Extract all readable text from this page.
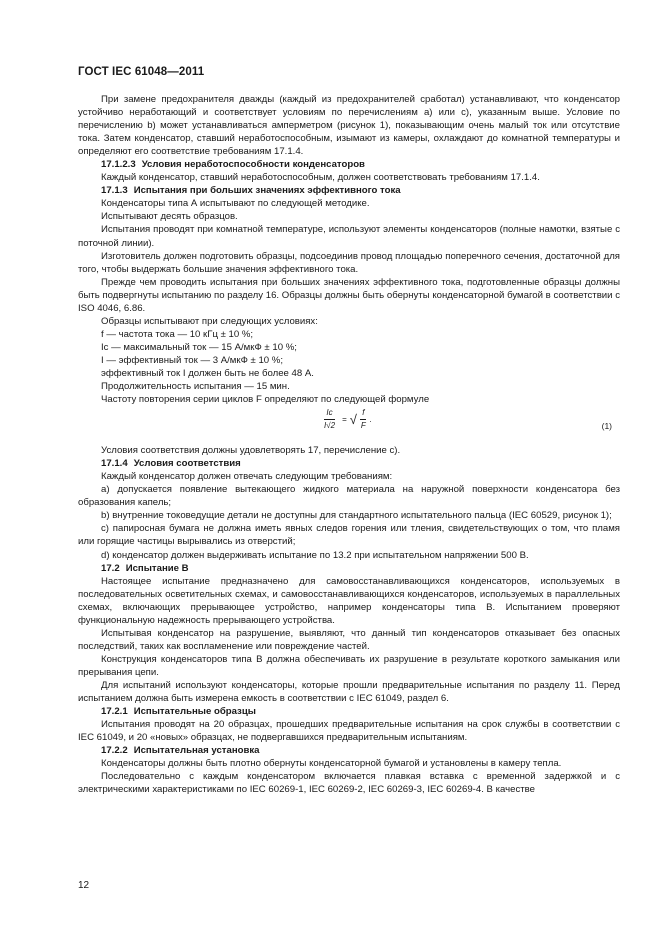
ГОСТ IEC 61048—2011

При замене предохранителя дважды (каждый из предохранителей сработал) устанавливают, что конденсатор устойчиво неработающий и соответствует условиям по перечислениям а) или с), указанным выше. Условие по перечислению b) может устанавливаться амперметром (рисунок 1), показывающим очень малый ток или отсутствие тока. Затем конденсатор, ставший неработоспособным, изымают из камеры, охлаждают до комнатной температуры и определяют его соответствие требованиям 17.1.4.

17.1.2.3 Условия неработоспособности конденсаторов

Каждый конденсатор, ставший неработоспособным, должен соответствовать требованиям 17.1.4.

17.1.3 Испытания при больших значениях эффективного тока

Конденсаторы типа А испытывают по следующей методике.

Испытывают десять образцов.

Испытания проводят при комнатной температуре, используют элементы конденсаторов (полные намотки, взятые с поточной линии).

Изготовитель должен подготовить образцы, подсоединив провод площадью поперечного сечения, достаточной для того, чтобы выдержать большие значения эффективного тока.

Прежде чем проводить испытания при больших значениях эффективного тока, подготовленные образцы должны быть подвергнуты испытанию по разделу 16. Образцы должны быть обернуты конденсаторной бумагой в соответствии с ISO 4046, 6.86.

Образцы испытывают при следующих условиях:

f — частота тока — 10 кГц ± 10 %;

Ic — максимальный ток — 15 А/мкФ ± 10 %;

I — эффективный ток — 3 А/мкФ ± 10 %;

эффективный ток I должен быть не более 48 А.

Продолжительность испытания — 15 мин.

Частоту повторения серии циклов F определяют по следующей формуле

$\frac{Ic}{I√2}$ = √ $\frac{f}{F}$ .
(1)

Условия соответствия должны удовлетворять 17, перечисление с).

17.1.4 Условия соответствия

Каждый конденсатор должен отвечать следующим требованиям:

a) допускается появление вытекающего жидкого материала на наружной поверхности конденсатора без образования капель;

b) внутренние токоведущие детали не доступны для стандартного испытательного пальца (IEC 60529, рисунок 1);

c) папиросная бумага не должна иметь явных следов горения или тления, свидетельствующих о том, что пламя или горящие частицы вырывались из отверстий;

d) конденсатор должен выдерживать испытание по 13.2 при испытательном напряжении 500 В.

17.2 Испытание В

Настоящее испытание предназначено для самовосстанавливающихся конденсаторов, используемых в последовательных осветительных схемах, и самовосстанавливающихся конденсаторов, используемых в параллельных схемах, включающих прерывающее устройство, например конденсаторы типа В. Испытанием проверяют функциональную надежность прерывающего устройства.

Испытывая конденсатор на разрушение, выявляют, что данный тип конденсаторов отказывает без опасных последствий, таких как воспламенение или повреждение частей.

Конструкция конденсаторов типа В должна обеспечивать их разрушение в результате короткого замыкания или прерывания цепи.

Для испытаний используют конденсаторы, которые прошли предварительные испытания по разделу 11. Перед испытанием должна быть измерена емкость в соответствии с IEC 61049, раздел 6.

17.2.1 Испытательные образцы

Испытания проводят на 20 образцах, прошедших предварительные испытания на срок службы в соответствии с IEC 61049, и 20 «новых» образцах, не подвергавшихся предварительным испытаниям.

17.2.2 Испытательная установка

Конденсаторы должны быть плотно обернуты конденсаторной бумагой и установлены в камеру тепла.

Последовательно с каждым конденсатором включается плавкая вставка с временной задержкой и с электрическими характеристиками по IEC 60269-1, IEC 60269-2, IEC 60269-3, IEC 60269-4. В качестве

12
